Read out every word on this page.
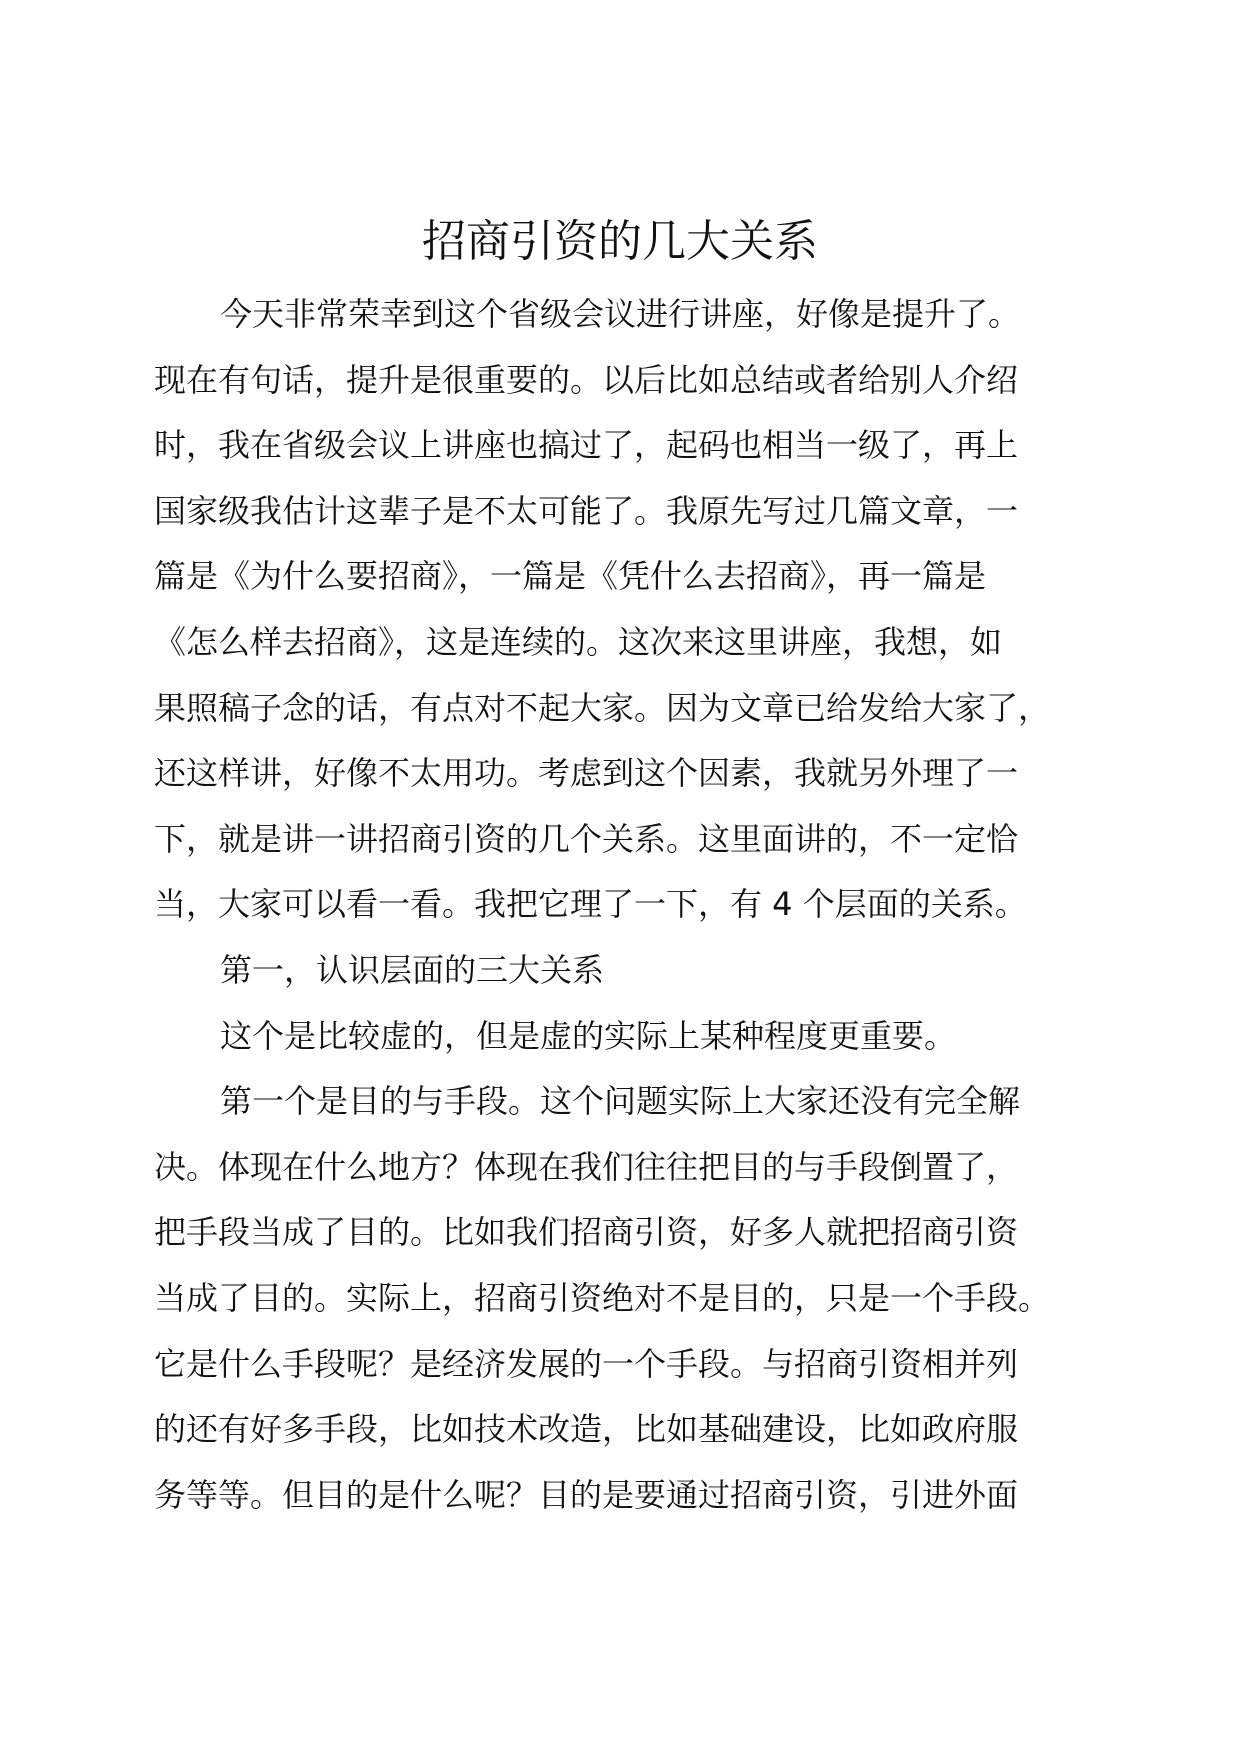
招商引资的几大关系
今天非常荣幸到这个省级会议进行讲座，好像是提升了。
现在有句话，提升是很重要的。以后比如总结或者给别人介绍
时，我在省级会议上讲座也搞过了，起码也相当一级了，再上
国家级我估计这辈子是不太可能了。我原先写过几篇文章，一
篇是《为什么要招商》，一篇是《凭什么去招商》，再一篇是
《怎么样去招商》，这是连续的。这次来这里讲座，我想，如
果照稿子念的话，有点对不起大家。因为文章已给发给大家了，
还这样讲，好像不太用功。考虑到这个因素，我就另外理了一
下，就是讲一讲招商引资的几个关系。这里面讲的，不一定恰
当，大家可以看一看。我把它理了一下，有 4 个层面的关系。
第一，认识层面的三大关系
这个是比较虚的，但是虚的实际上某种程度更重要。
第一个是目的与手段。这个问题实际上大家还没有完全解
决。体现在什么地方？体现在我们往往把目的与手段倒置了，
把手段当成了目的。比如我们招商引资，好多人就把招商引资
当成了目的。实际上，招商引资绝对不是目的，只是一个手段。
它是什么手段呢？是经济发展的一个手段。与招商引资相并列
的还有好多手段，比如技术改造，比如基础建设，比如政府服
务等等。但目的是什么呢？目的是要通过招商引资，引进外面
